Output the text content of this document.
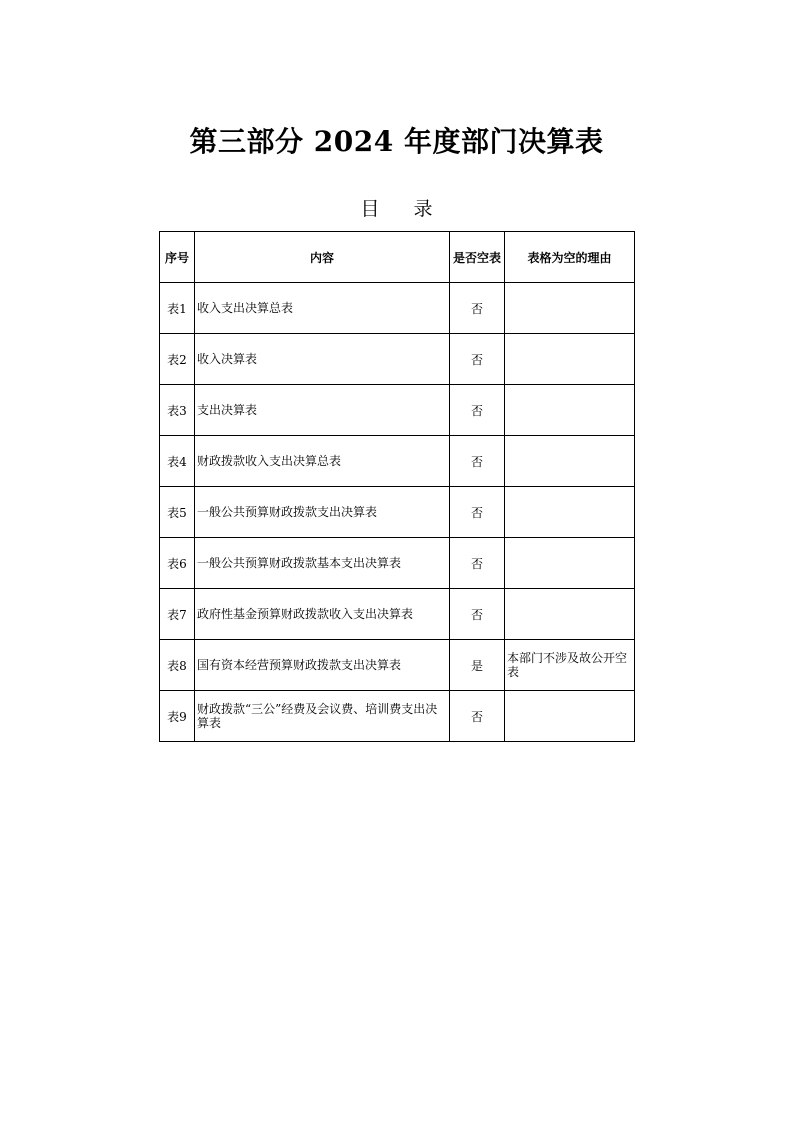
第三部分 2024 年度部门决算表
目 录
序号	内容	是否空表	表格为空的理由
表1	收入支出决算总表	否	
表2	收入决算表	否	
表3	支出决算表	否	
表4	财政拨款收入支出决算总表	否	
表5	一般公共预算财政拨款支出决算表	否	
表6	一般公共预算财政拨款基本支出决算表	否	
表7	政府性基金预算财政拨款收入支出决算表	否	
表8	国有资本经营预算财政拨款支出决算表	是	本部门不涉及故公开空表
表9	财政拨款“三公”经费及会议费、培训费支出决算表	否	
